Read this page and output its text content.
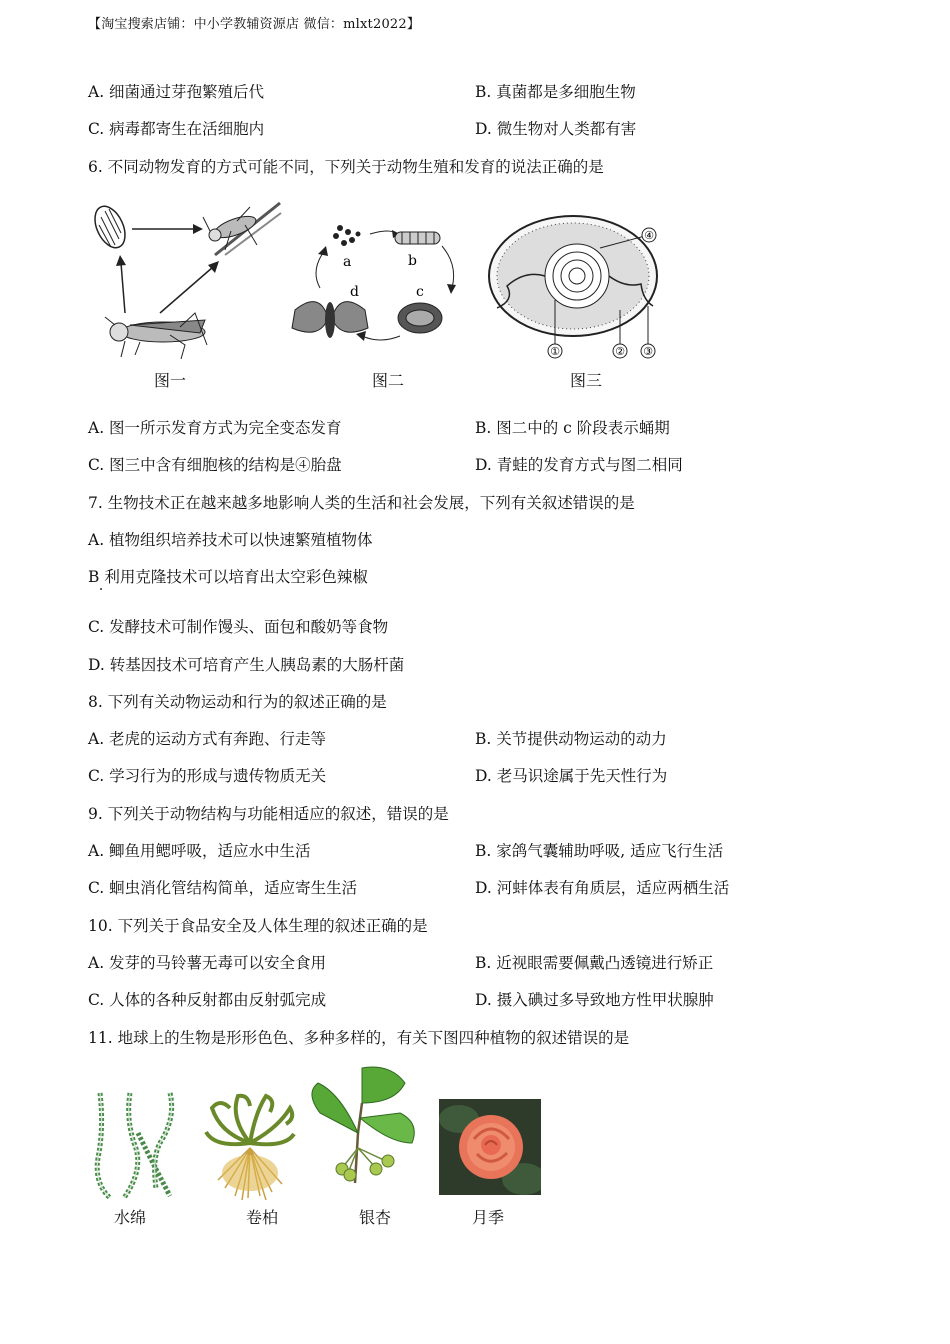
【淘宝搜索店铺：中小学教辅资源店 微信：mlxt2022】
A. 细菌通过芽孢繁殖后代	B. 真菌都是多细胞生物
C. 病毒都寄生在活细胞内	D. 微生物对人类都有害
6. 不同动物发育的方式可能不同，下列关于动物生殖和发育的说法正确的是
图一
a	b
c
d
图二
④
①	② ③
图三
A. 图一所示发育方式为完全变态发育	B. 图二中的 c 阶段表示蛹期
C. 图三中含有细胞核的结构是④胎盘	D. 青蛙的发育方式与图二相同
7. 生物技术正在越来越多地影响人类的生活和社会发展，下列有关叙述错误的是
A. 植物组织培养技术可以快速繁殖植物体
B 利用克隆技术可以培育出太空彩色辣椒
C. 发酵技术可制作馒头、面包和酸奶等食物
D. 转基因技术可培育产生人胰岛素的大肠杆菌
8. 下列有关动物运动和行为的叙述正确的是
A. 老虎的运动方式有奔跑、行走等	B. 关节提供动物运动的动力
C. 学习行为的形成与遗传物质无关	D. 老马识途属于先天性行为
9. 下列关于动物结构与功能相适应的叙述，错误的是
A. 鲫鱼用鳃呼吸，适应水中生活	B. 家鸽气囊辅助呼吸, 适应飞行生活
C. 蛔虫消化管结构简单，适应寄生生活	D. 河蚌体表有角质层，适应两栖生活
10. 下列关于食品安全及人体生理的叙述正确的是
A. 发芽的马铃薯无毒可以安全食用	B. 近视眼需要佩戴凸透镜进行矫正
C. 人体的各种反射都由反射弧完成	D. 摄入碘过多导致地方性甲状腺肿
11. 地球上的生物是形形色色、多种多样的，有关下图四种植物的叙述错误的是
水绵	卷柏	银杏	月季
